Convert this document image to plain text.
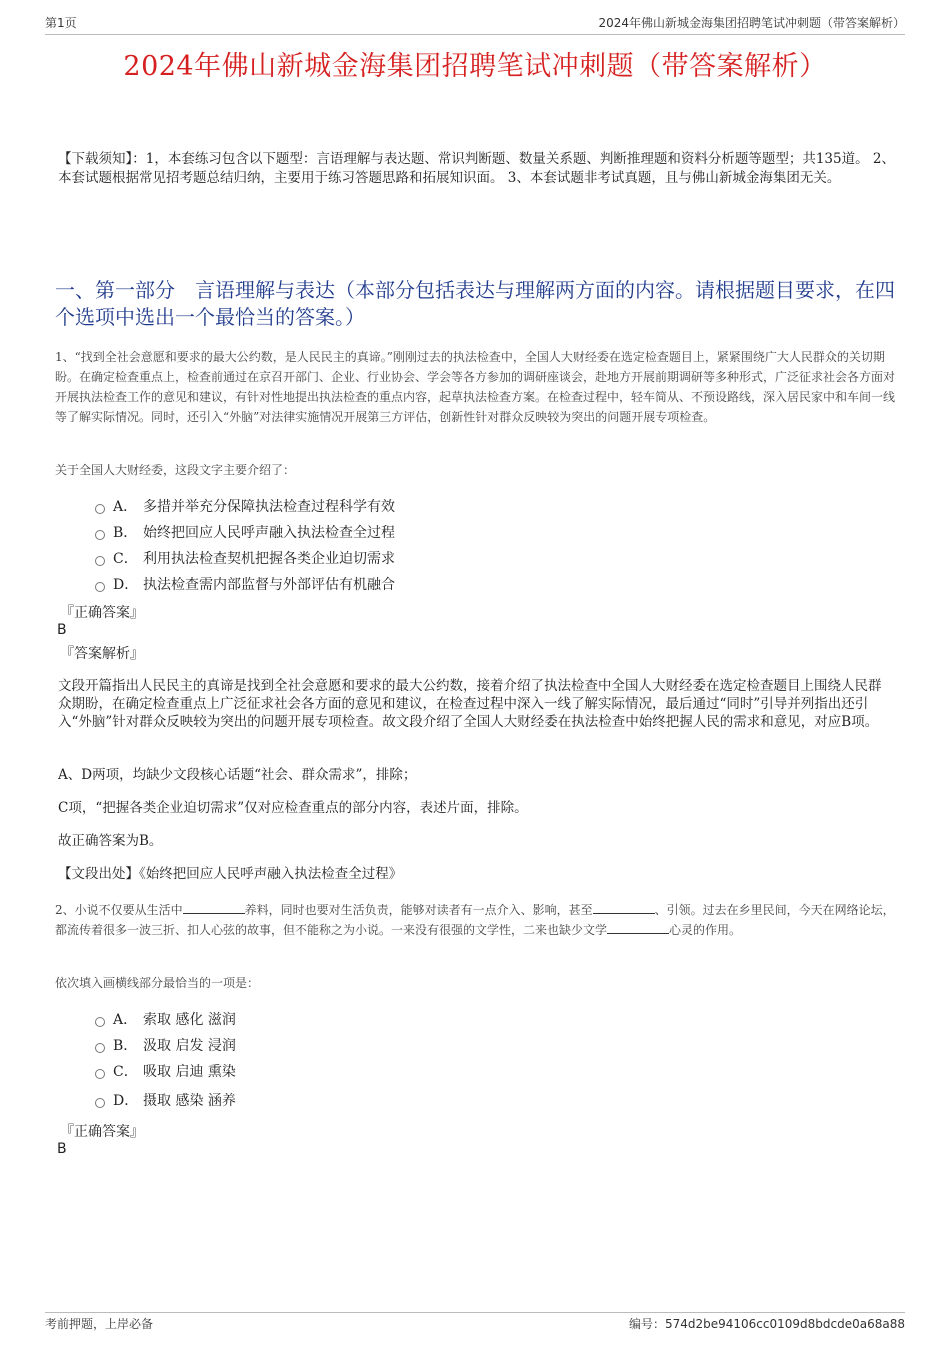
第1页	2024年佛山新城金海集团招聘笔试冲刺题（带答案解析）
2024年佛山新城金海集团招聘笔试冲刺题（带答案解析）
【下载须知】：1，本套练习包含以下题型：言语理解与表达题、常识判断题、数量关系题、判断推理题和资料分析题等题型；共135道。 2、本套试题根据常见招考题总结归纳，主要用于练习答题思路和拓展知识面。 3、本套试题非考试真题，且与佛山新城金海集团无关。
一、第一部分　言语理解与表达（本部分包括表达与理解两方面的内容。请根据题目要求，在四个选项中选出一个最恰当的答案。）
1、“找到全社会意愿和要求的最大公约数，是人民民主的真谛。”刚刚过去的执法检查中，全国人大财经委在选定检查题目上，紧紧围绕广大人民群众的关切期盼。在确定检查重点上，检查前通过在京召开部门、企业、行业协会、学会等各方参加的调研座谈会，赴地方开展前期调研等多种形式，广泛征求社会各方面对开展执法检查工作的意见和建议，有针对性地提出执法检查的重点内容，起草执法检查方案。在检查过程中，轻车简从、不预设路线，深入居民家中和车间一线等了解实际情况。同时，还引入“外脑”对法律实施情况开展第三方评估，创新性针对群众反映较为突出的问题开展专项检查。
关于全国人大财经委，这段文字主要介绍了：
A． 多措并举充分保障执法检查过程科学有效
B． 始终把回应人民呼声融入执法检查全过程
C． 利用执法检查契机把握各类企业迫切需求
D． 执法检查需内部监督与外部评估有机融合
『正确答案』
B
『答案解析』
文段开篇指出人民民主的真谛是找到全社会意愿和要求的最大公约数，接着介绍了执法检查中全国人大财经委在选定检查题目上围绕人民群众期盼，在确定检查重点上广泛征求社会各方面的意见和建议，在检查过程中深入一线了解实际情况，最后通过“同时”引导并列指出还引入“外脑”针对群众反映较为突出的问题开展专项检查。故文段介绍了全国人大财经委在执法检查中始终把握人民的需求和意见，对应B项。
A、D两项，均缺少文段核心话题“社会、群众需求”，排除；
C项，“把握各类企业迫切需求”仅对应检查重点的部分内容，表述片面，排除。
故正确答案为B。
【文段出处】《始终把回应人民呼声融入执法检查全过程》
2、小说不仅要从生活中	养料，同时也要对生活负责，能够对读者有一点介入、影响，甚至	、引领。过去在乡里民间，今天在网络论坛，都流传着很多一波三折、扣人心弦的故事，但不能称之为小说。一来没有很强的文学性，二来也缺少文学	心灵的作用。
依次填入画横线部分最恰当的一项是：
A． 索取 感化 滋润
B． 汲取 启发 浸润
C． 吸取 启迪 熏染
D． 摄取 感染 涵养
『正确答案』
B
考前押题，上岸必备	编号：574d2be94106cc0109d8bdcde0a68a88
